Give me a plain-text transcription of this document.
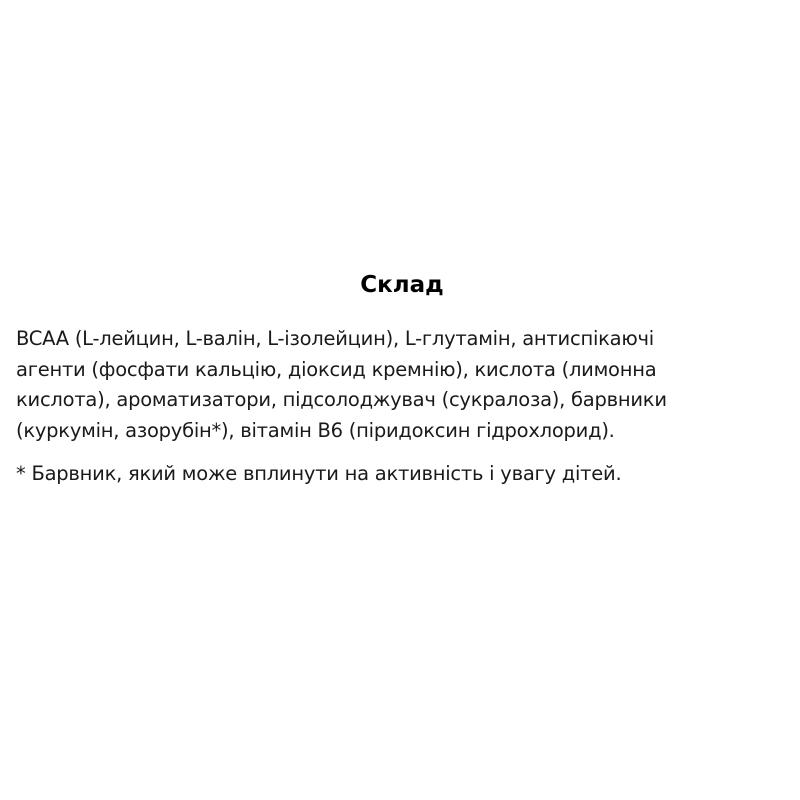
Склад

BCAA (L-лейцин, L-валін, L-ізолейцин), L-глутамін, антиспікаючі
агенти (фосфати кальцію, діоксид кремнію), кислота (лимонна
кислота), ароматизатори, підсолоджувач (сукралоза), барвники
(куркумін, азорубін*), вітамін B6 (піридоксин гідрохлорид).

* Барвник, який може вплинути на активність і увагу дітей.
